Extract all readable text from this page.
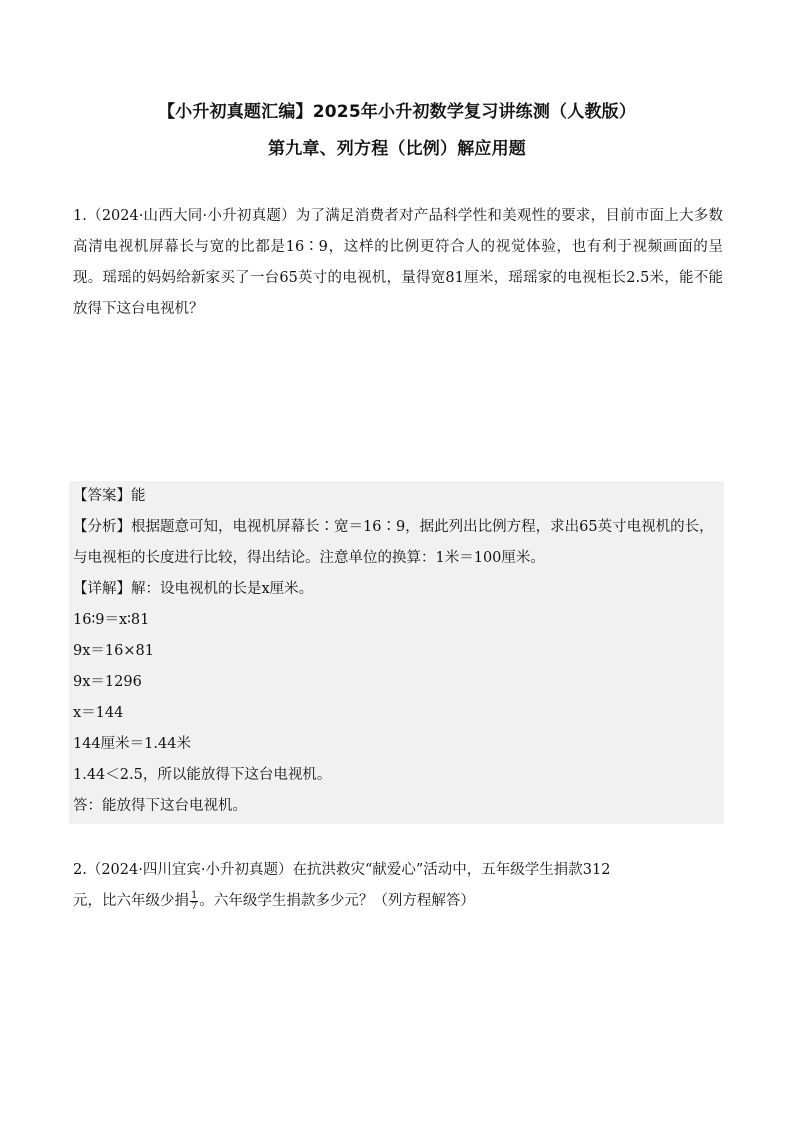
【小升初真题汇编】2025年小升初数学复习讲练测（人教版）
第九章、列方程（比例）解应用题
1.（2024·山西大同·小升初真题）为了满足消费者对产品科学性和美观性的要求，目前市面上大多数高清电视机屏幕长与宽的比都是16∶9，这样的比例更符合人的视觉体验，也有利于视频画面的呈现。瑶瑶的妈妈给新家买了一台65英寸的电视机，量得宽81厘米，瑶瑶家的电视柜长2.5米，能不能放得下这台电视机？
【答案】能
【分析】根据题意可知，电视机屏幕长∶宽＝16∶9，据此列出比例方程，求出65英寸电视机的长，与电视柜的长度进行比较，得出结论。注意单位的换算：1米＝100厘米。
【详解】解：设电视机的长是x厘米。
16∶9＝x∶81
9x＝16×81
9x＝1296
x＝144
144厘米＝1.44米
1.44＜2.5，所以能放得下这台电视机。
答：能放得下这台电视机。
2.（2024·四川宜宾·小升初真题）在抗洪救灾“献爱心”活动中，五年级学生捐款312
元，比六年级少捐 $\frac{1}{7}$ 。六年级学生捐款多少元？（列方程解答）
